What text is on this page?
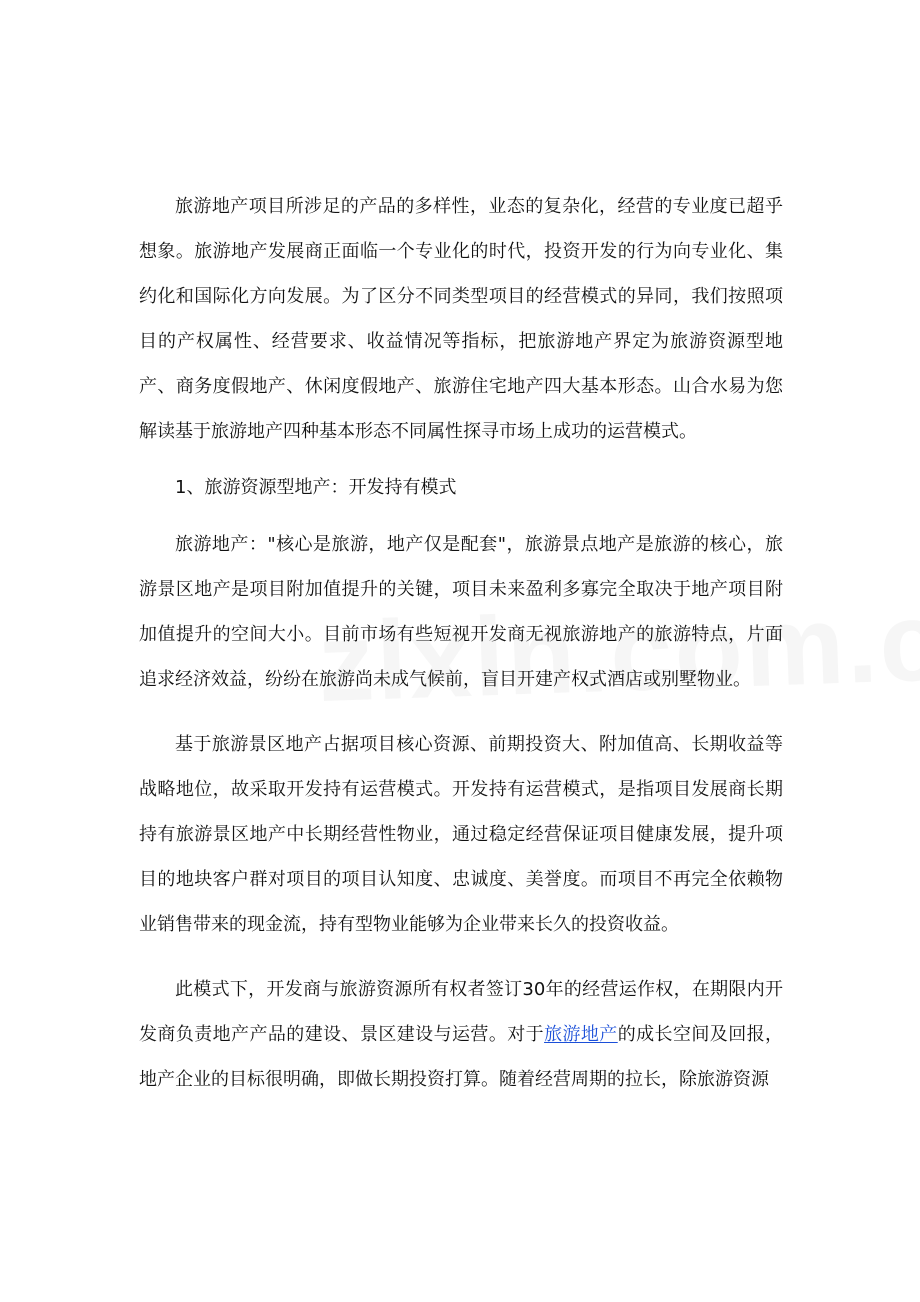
旅游地产项目所涉足的产品的多样性，业态的复杂化，经营的专业度已超乎想象。旅游地产发展商正面临一个专业化的时代，投资开发的行为向专业化、集约化和国际化方向发展。为了区分不同类型项目的经营模式的异同，我们按照项目的产权属性、经营要求、收益情况等指标，把旅游地产界定为旅游资源型地产、商务度假地产、休闲度假地产、旅游住宅地产四大基本形态。山合水易为您解读基于旅游地产四种基本形态不同属性探寻市场上成功的运营模式。

1、旅游资源型地产：开发持有模式

旅游地产："核心是旅游，地产仅是配套"，旅游景点地产是旅游的核心，旅游景区地产是项目附加值提升的关键，项目未来盈利多寡完全取决于地产项目附加值提升的空间大小。目前市场有些短视开发商无视旅游地产的旅游特点，片面追求经济效益，纷纷在旅游尚未成气候前，盲目开建产权式酒店或别墅物业。

基于旅游景区地产占据项目核心资源、前期投资大、附加值高、长期收益等战略地位，故采取开发持有运营模式。开发持有运营模式，是指项目发展商长期持有旅游景区地产中长期经营性物业，通过稳定经营保证项目健康发展，提升项目的地块客户群对项目的项目认知度、忠诚度、美誉度。而项目不再完全依赖物业销售带来的现金流，持有型物业能够为企业带来长久的投资收益。

此模式下，开发商与旅游资源所有权者签订30年的经营运作权，在期限内开发商负责地产产品的建设、景区建设与运营。对于旅游地产的成长空间及回报，地产企业的目标很明确，即做长期投资打算。随着经营周期的拉长，除旅游资源
